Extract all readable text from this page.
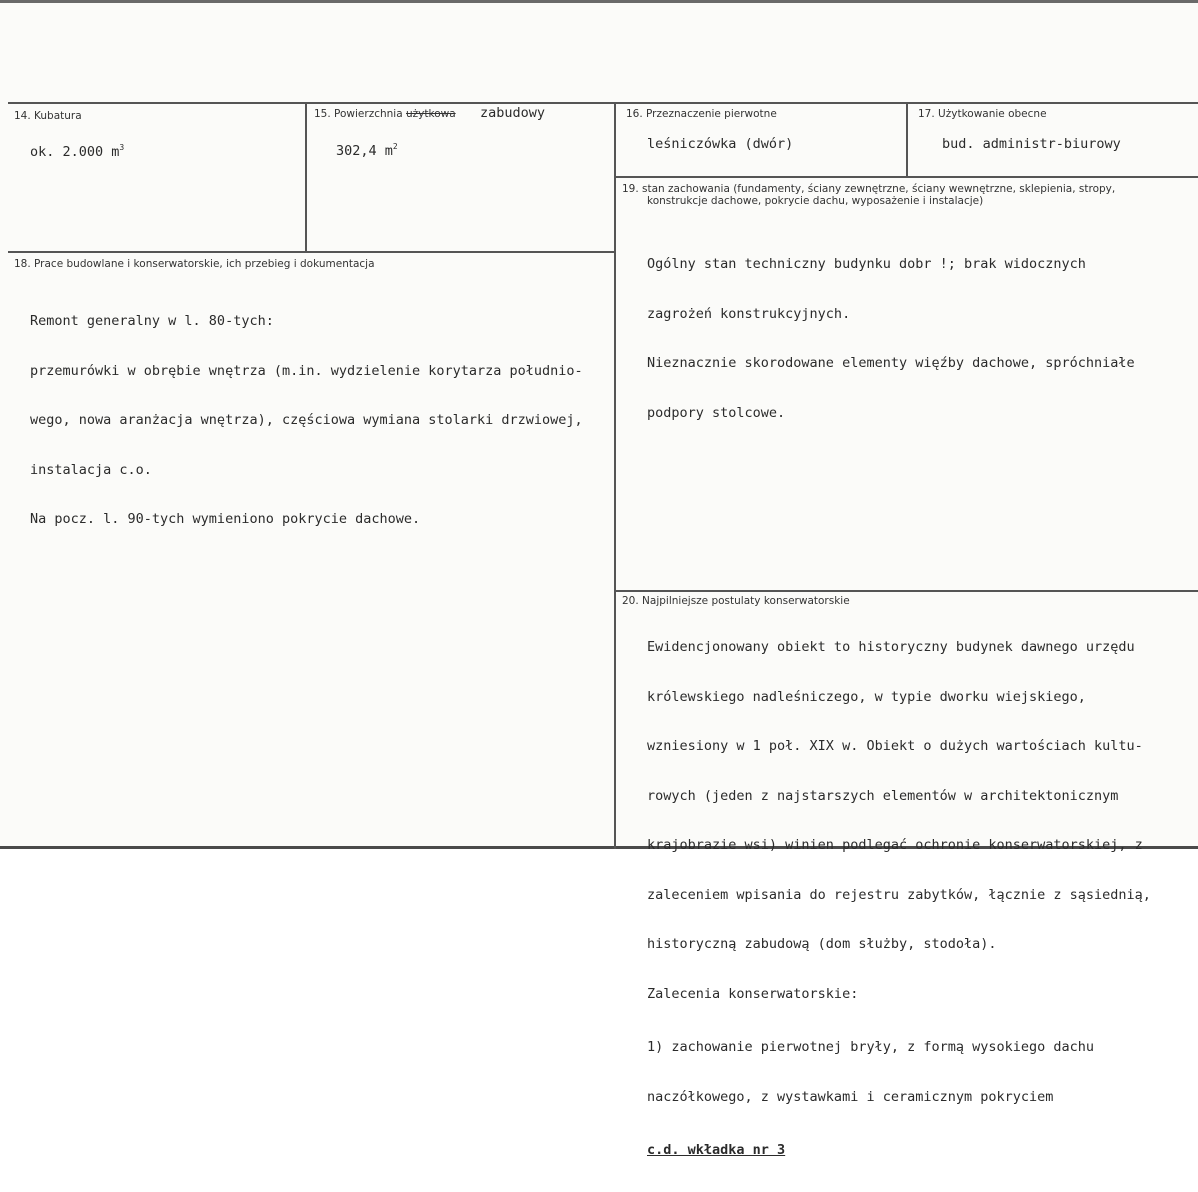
14. Kubatura
ok. 2.000 $m^3$
15. Powierzchnia użytkowa zabudowy
302,4 $m^2$
16. Przeznaczenie pierwotne
leśniczówka (dwór)
17. Użytkowanie obecne
bud. administr-biurowy
18. Prace budowlane i konserwatorskie, ich przebieg i dokumentacja

Remont generalny w l. 80-tych:

przemurówki w obrębie wnętrza (m.in. wydzielenie korytarza południo-

wego, nowa aranżacja wnętrza), częściowa wymiana stolarki drzwiowej,

instalacja c.o.

Na pocz. l. 90-tych wymieniono pokrycie dachowe.

19. stan zachowania (fundamenty, ściany zewnętrzne, ściany wewnętrzne, sklepienia, stropy,
konstrukcje dachowe, pokrycie dachu, wyposażenie i instalacje)

Ogólny stan techniczny budynku dobr !; brak widocznych

zagrożeń konstrukcyjnych.

Nieznacznie skorodowane elementy więźby dachowe, spróchniałe

podpory stolcowe.

20. Najpilniejsze postulaty konserwatorskie

Ewidencjonowany obiekt to historyczny budynek dawnego urzędu

królewskiego nadleśniczego, w typie dworku wiejskiego,

wzniesiony w 1 poł. XIX w. Obiekt o dużych wartościach kultu-

rowych (jeden z najstarszych elementów w architektonicznym

krajobrazie wsi) winien podlegać ochronie konserwatorskiej, z

zaleceniem wpisania do rejestru zabytków, łącznie z sąsiednią,

historyczną zabudową (dom służby, stodoła).

Zalecenia konserwatorskie:

1) zachowanie pierwotnej bryły, z formą wysokiego dachu

naczółkowego, z wystawkami i ceramicznym pokryciem

c.d. wkładka nr 3
